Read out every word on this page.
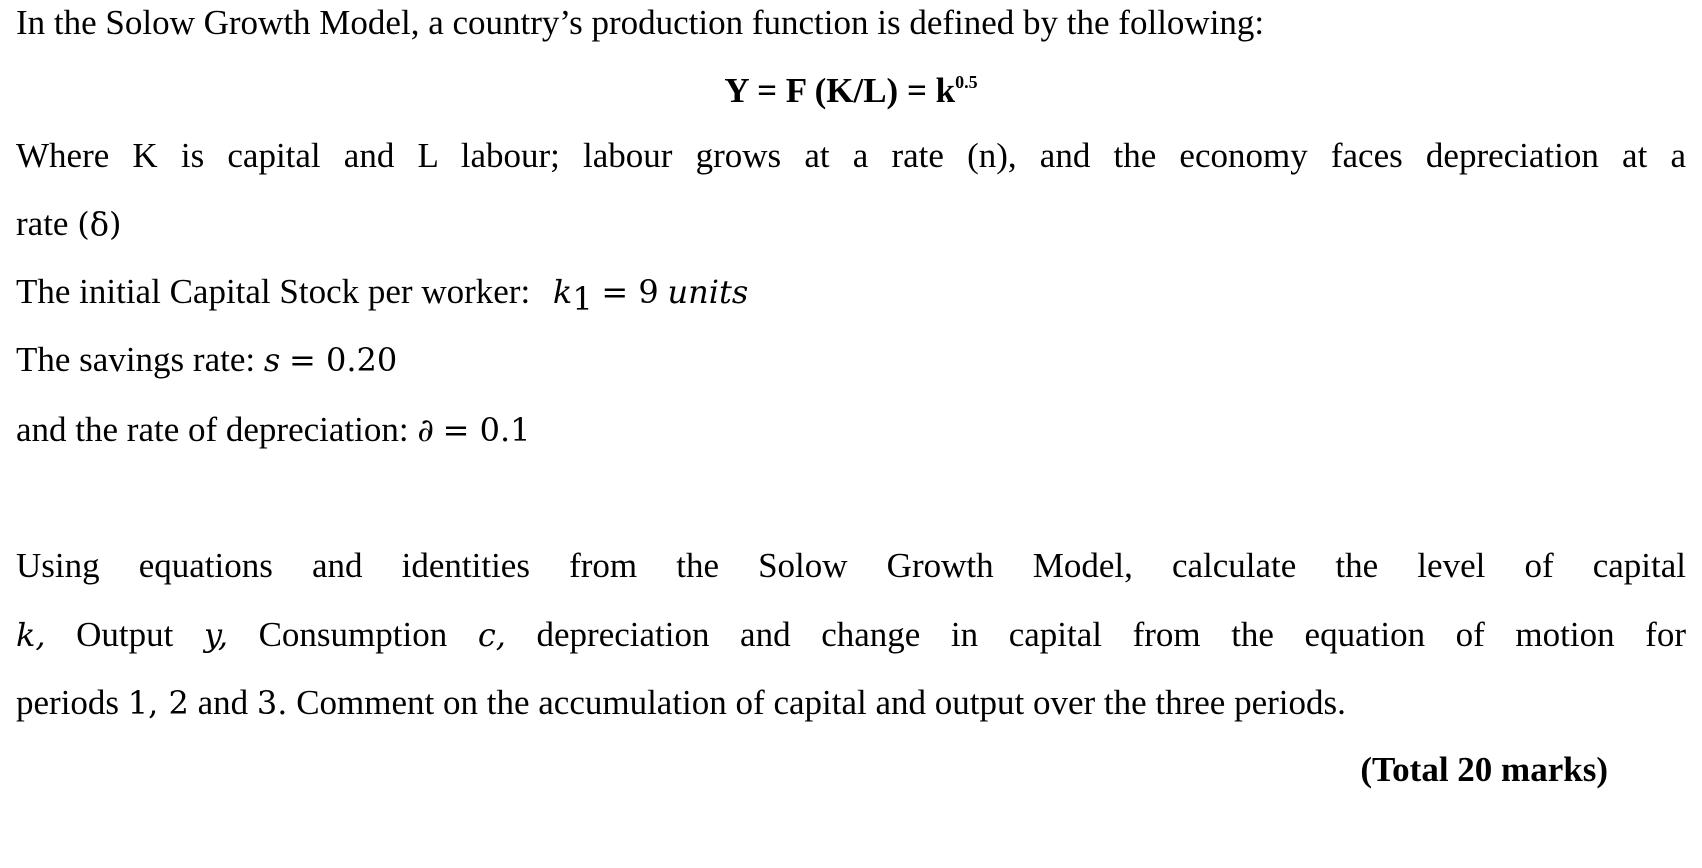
In the Solow Growth Model, a country’s production function is defined by the following:
Y = F $(K/L) = k^{0.5}$
Where K is capital and L labour; labour grows at a rate (n), and the economy faces depreciation at a
rate (δ)
The initial Capital Stock per worker: $k_1 = 9$ units
The savings rate: s = 0.20
and the rate of depreciation: ∂ = 0.1
Using equations and identities from the Solow Growth Model, calculate the level of capital
k, Output y, Consumption c, depreciation and change in capital from the equation of motion for
periods 1, 2 and 3. Comment on the accumulation of capital and output over the three periods.
(Total 20 marks)
